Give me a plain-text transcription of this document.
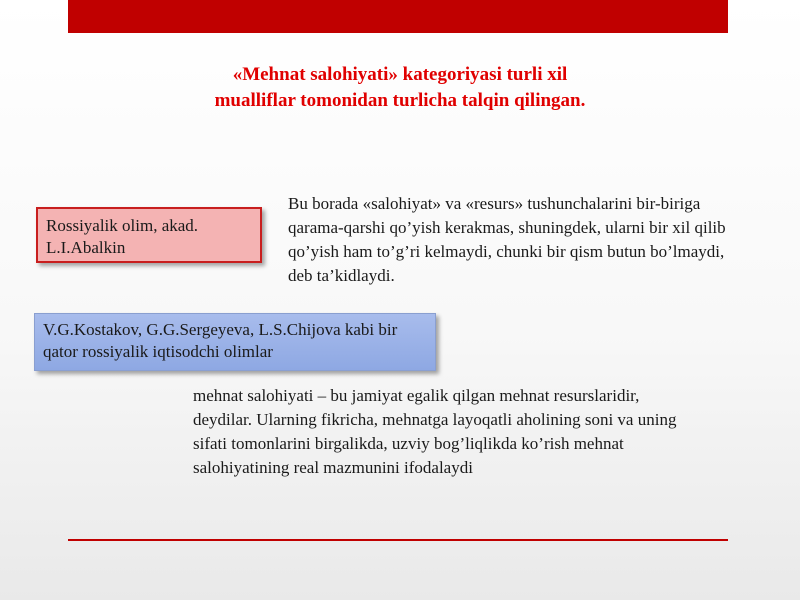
«Mehnat salohiyati» kategoriyasi turli xil mualliflar tomonidan turlicha talqin qilingan.
Rossiyalik olim, akad. L.I.Abalkin
Bu borada «salohiyat» va «resurs» tushunchalarini bir-biriga qarama-qarshi qo’yish kerakmas, shuningdek, ularni bir xil qilib qo’yish ham to’g’ri kelmaydi, chunki bir qism butun bo’lmaydi, deb ta’kidlaydi.
V.G.Kostakov, G.G.Sergeyeva, L.S.Chijova kabi bir qator rossiyalik iqtisodchi olimlar
mehnat salohiyati – bu jamiyat egalik qilgan mehnat resurslaridir, deydilar. Ularning fikricha, mehnatga layoqatli aholining soni va uning sifati tomonlarini birgalikda, uzviy bog’liqlikda ko’rish mehnat salohiyatining real mazmunini ifodalaydi
